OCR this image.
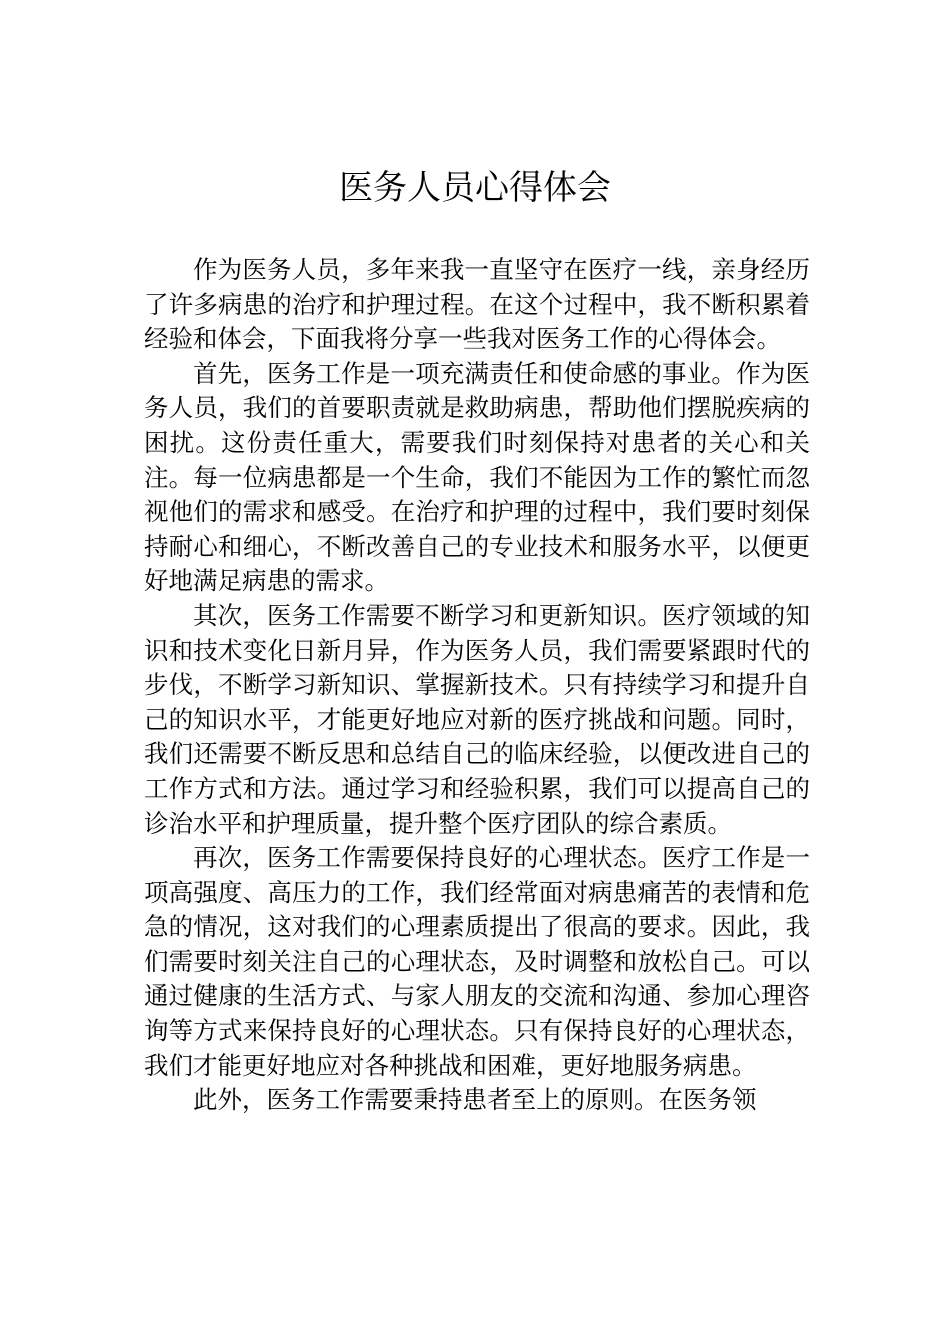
医务人员心得体会

作为医务人员，多年来我一直坚守在医疗一线，亲身经历了许多病患的治疗和护理过程。在这个过程中，我不断积累着经验和体会，下面我将分享一些我对医务工作的心得体会。

首先，医务工作是一项充满责任和使命感的事业。作为医务人员，我们的首要职责就是救助病患，帮助他们摆脱疾病的困扰。这份责任重大，需要我们时刻保持对患者的关心和关注。每一位病患都是一个生命，我们不能因为工作的繁忙而忽视他们的需求和感受。在治疗和护理的过程中，我们要时刻保持耐心和细心，不断改善自己的专业技术和服务水平，以便更好地满足病患的需求。

其次，医务工作需要不断学习和更新知识。医疗领域的知识和技术变化日新月异，作为医务人员，我们需要紧跟时代的步伐，不断学习新知识、掌握新技术。只有持续学习和提升自己的知识水平，才能更好地应对新的医疗挑战和问题。同时，我们还需要不断反思和总结自己的临床经验，以便改进自己的工作方式和方法。通过学习和经验积累，我们可以提高自己的诊治水平和护理质量，提升整个医疗团队的综合素质。

再次，医务工作需要保持良好的心理状态。医疗工作是一项高强度、高压力的工作，我们经常面对病患痛苦的表情和危急的情况，这对我们的心理素质提出了很高的要求。因此，我们需要时刻关注自己的心理状态，及时调整和放松自己。可以通过健康的生活方式、与家人朋友的交流和沟通、参加心理咨询等方式来保持良好的心理状态。只有保持良好的心理状态，我们才能更好地应对各种挑战和困难，更好地服务病患。

此外，医务工作需要秉持患者至上的原则。在医务领
